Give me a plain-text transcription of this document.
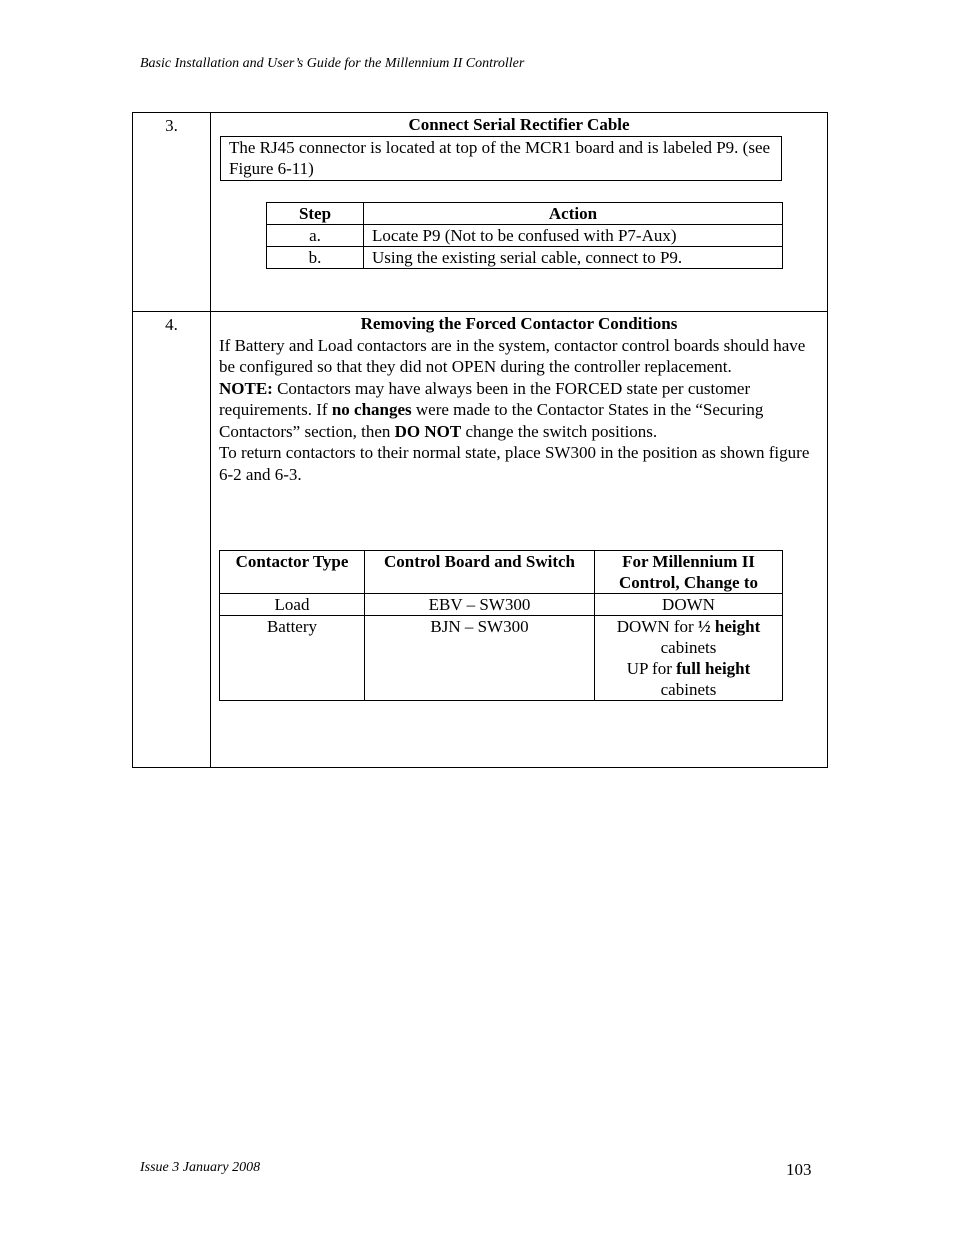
Basic Installation and User’s Guide for the Millennium II Controller
3.	Connect Serial Rectifier Cable
The RJ45 connector is located at top of the MCR1 board and is labeled P9. (see Figure 6-11)
Step	Action
a.	Locate P9 (Not to be confused with P7-Aux)
b.	Using the existing serial cable, connect to P9.

4.	Removing the Forced Contactor Conditions
If Battery and Load contactors are in the system, contactor control boards should have be configured so that they did not OPEN during the controller replacement.
NOTE: Contactors may have always been in the FORCED state per customer requirements. If no changes were made to the Contactor States in the “Securing Contactors” section, then DO NOT change the switch positions.
To return contactors to their normal state, place SW300 in the position as shown figure 6-2 and 6-3.
Contactor Type	Control Board and Switch	For Millennium II Control, Change to
Load	EBV – SW300	DOWN
Battery	BJN – SW300	DOWN for ½ height
cabinets
UP for full height
cabinets
Issue 3 January 2008	103
